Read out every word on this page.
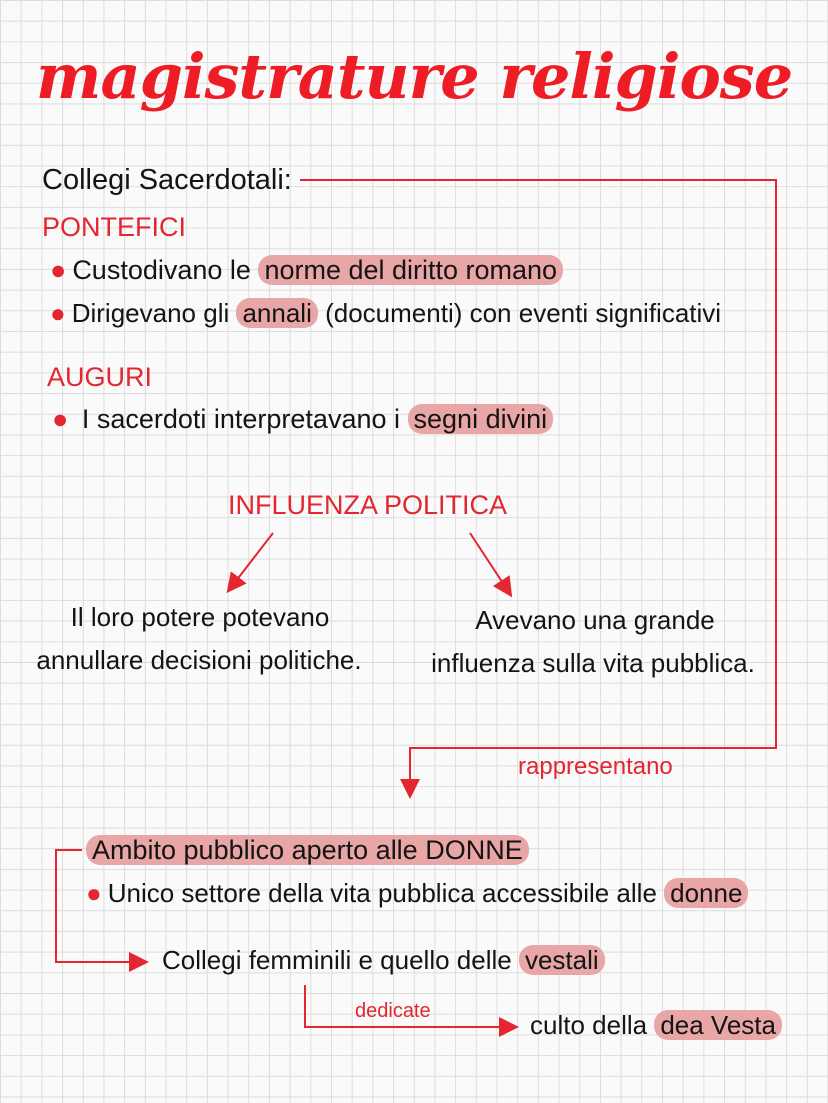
magistrature religiose
Collegi Sacerdotali:
PONTEFICI
● Custodivano le norme del diritto romano
● Dirigevano gli annali (documenti) con eventi significativi
AUGURI
● I sacerdoti interpretavano i segni divini
INFLUENZA POLITICA
Il loro potere potevano
annullare decisioni politiche.
Avevano una grande
influenza sulla vita pubblica.
rappresentano
Ambito pubblico aperto alle DONNE
● Unico settore della vita pubblica accessibile alle donne
Collegi femminili e quello delle vestali
dedicate	culto della dea Vesta
